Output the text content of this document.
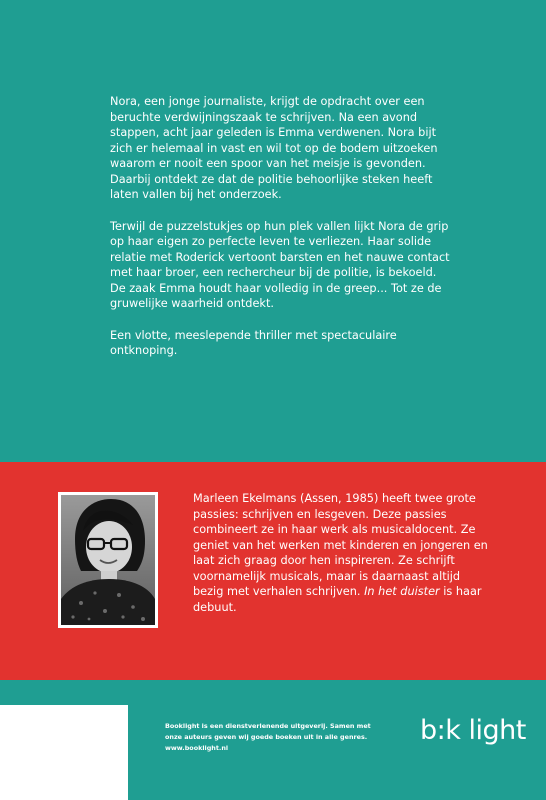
Nora, een jonge journaliste, krijgt de opdracht over een beruchte verdwijningszaak te schrijven. Na een avond stappen, acht jaar geleden is Emma verdwenen. Nora bijt zich er helemaal in vast en wil tot op de bodem uitzoeken waarom er nooit een spoor van het meisje is gevonden. Daarbij ontdekt ze dat de politie behoorlijke steken heeft laten vallen bij het onderzoek.

Terwijl de puzzelstukjes op hun plek vallen lijkt Nora de grip op haar eigen zo perfecte leven te verliezen. Haar solide relatie met Roderick vertoont barsten en het nauwe contact met haar broer, een rechercheur bij de politie, is bekoeld. De zaak Emma houdt haar volledig in de greep... Tot ze de gruwelijke waarheid ontdekt.

Een vlotte, meeslepende thriller met spectaculaire ontknoping.

Marleen Ekelmans (Assen, 1985) heeft twee grote passies: schrijven en lesgeven. Deze passies combineert ze in haar werk als musicaldocent. Ze geniet van het werken met kinderen en jongeren en laat zich graag door hen inspireren. Ze schrijft voornamelijk musicals, maar is daarnaast altijd bezig met verhalen schrijven. In het duister is haar debuut.

Booklight is een dienstverlenende uitgeverij. Samen met

onze auteurs geven wij goede boeken uit in alle genres.

www.booklight.nl

b:k light
